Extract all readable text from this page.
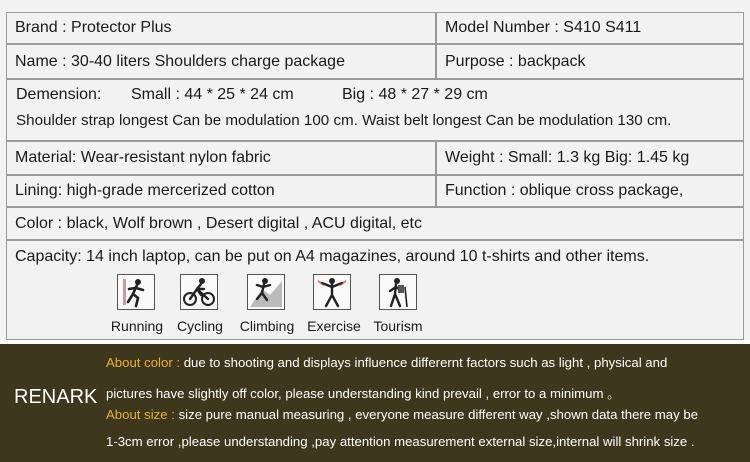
Brand : Protector Plus	Model Number : S410 S411
Name : 30-40 liters Shoulders charge package	Purpose : backpack
Demension: Small : 44 * 25 * 24 cm	Big : 48 * 27 * 29 cm
Shoulder strap longest Can be modulation 100 cm. Waist belt longest Can be modulation 130 cm.
Material: Wear-resistant nylon fabric	Weight : Small: 1.3 kg Big: 1.45 kg
Lining: high-grade mercerized cotton	Function : oblique cross package,
Color : black, Wolf brown , Desert digital , ACU digital, etc
Capacity: 14 inch laptop, can be put on A4 magazines, around 10 t-shirts and other items.
Running Cycling	Climbing Exercise Tourism
RENARK
About color : due to shooting and displays influence differernt factors such as light , physical and
pictures have slightly off color, please understanding kind prevail , error to a minimum 。
About size : size pure manual measuring , everyone measure different way ,shown data there may be
1-3cm error ,please understanding ,pay attention measurement external size,internal will shrink size .
